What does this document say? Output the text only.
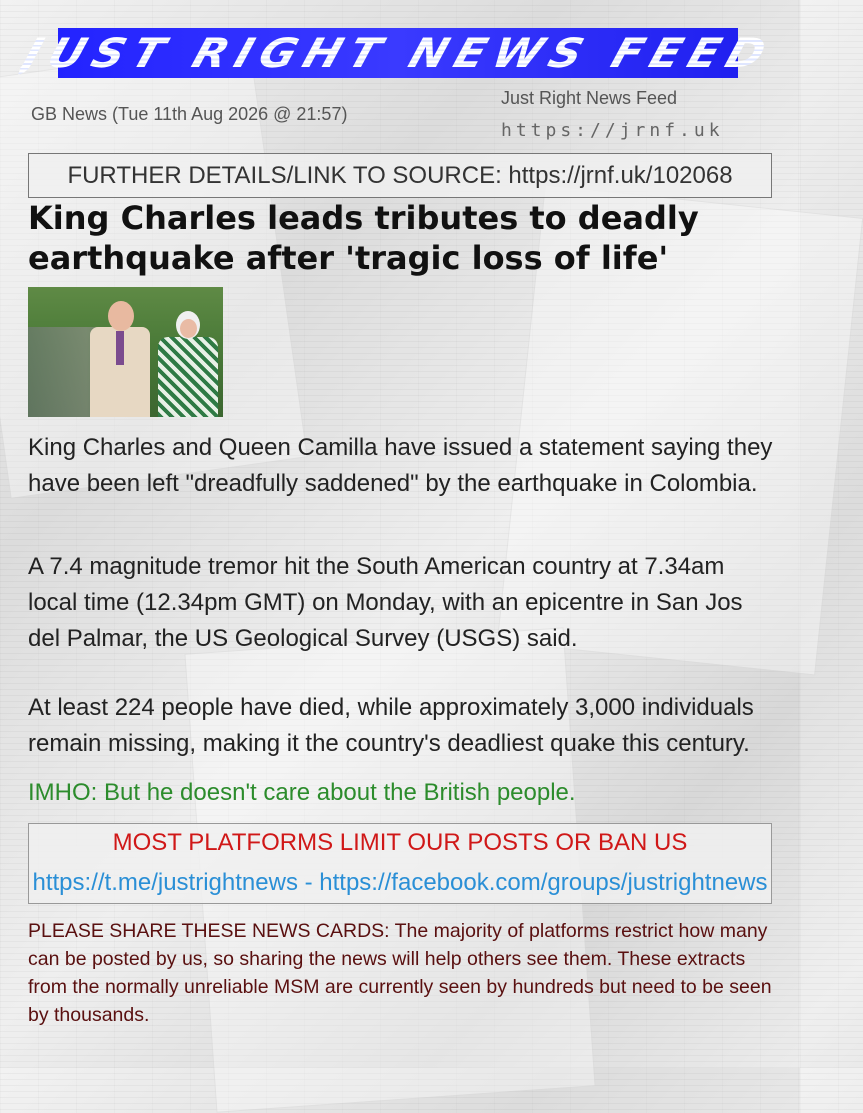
JUST RIGHT NEWS FEED
GB News (Tue 11th Aug 2026 @ 21:57)
Just Right News Feed
https://jrnf.uk
FURTHER DETAILS/LINK TO SOURCE: https://jrnf.uk/102068
King Charles leads tributes to deadly earthquake after 'tragic loss of life'

King Charles and Queen Camilla have issued a statement saying they have been left "dreadfully saddened" by the earthquake in Colombia.

A 7.4 magnitude tremor hit the South American country at 7.34am local time (12.34pm GMT) on Monday, with an epicentre in San Jos del Palmar, the US Geological Survey (USGS) said.

At least 224 people have died, while approximately 3,000 individuals remain missing, making it the country's deadliest quake this century.

IMHO: But he doesn't care about the British people.
MOST PLATFORMS LIMIT OUR POSTS OR BAN US
https://t.me/justrightnews - https://facebook.com/groups/justrightnews
PLEASE SHARE THESE NEWS CARDS: The majority of platforms restrict how many can be posted by us, so sharing the news will help others see them. These extracts from the normally unreliable MSM are currently seen by hundreds but need to be seen by thousands.
